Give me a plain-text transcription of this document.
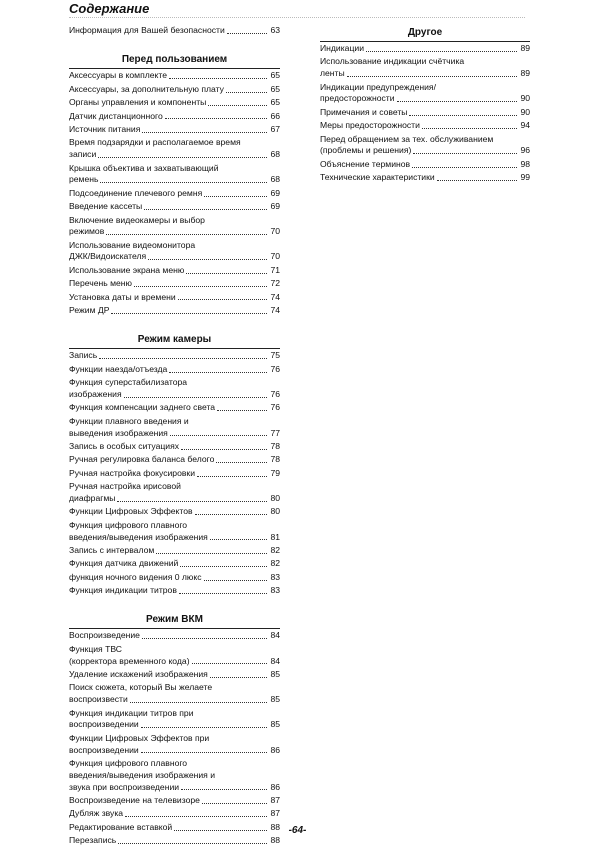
Содержание
Информация для Вашей безопасности	63
Перед пользованием
Аксессуары в комплекте	65
Аксессуары, за дополнительную плату	65
Органы управления и компоненты	65
Датчик дистанционного	66
Источник питания	67
Время подзарядки и располагаемое время
записи	68
Крышка объектива и захватывающий
ремень	68
Подсоединение плечевого ремня	69
Введение кассеты	69
Включение видеокамеры и выбор
режимов	70
Использование видеомонитора
ДЖК/Видоискателя	70
Использование экрана меню	71
Перечень меню	72
Установка даты и времени	74
Режим ДР	74
Режим камеры
Запись	75
Функции наезда/отъезда	76
Функция суперстабилизатора
изображения	76
Функция компенсации заднего света	76
Функции плавного введения и
выведения изображения	77
Запись в особых ситуациях	78
Ручная регулировка баланса белого	78
Ручная настройка фокусировки	79
Ручная настройка ирисовой
диафрагмы	80
Функции Цифровых Эффектов	80
Функция цифрового плавного
введения/выведения изображения	81
Запись с интервалом	82
Функция датчика движений	82
функция ночного видения 0 люкс	83
Функция индикации титров	83
Режим ВКМ
Воспроизведение	84
Функция ТВС
(корректора временного кода)	84
Удаление искажений изображения	85
Поиск сюжета, который Вы желаете
воспроизвести	85
Функция индикации титров при
воспроизведении	85
Функции Цифровых Эффектов при
воспроизведении	86
Функция цифрового плавного
введения/выведения изображения и
звука при воспроизведении	86
Воспроизведение на телевизоре	87
Дубляж звука	87
Редактирование вставкой	88
Перезапись	88
Другое
Индикации	89
Использование индикации счётчика
ленты	89
Индикации предупреждения/
предосторожности	90
Примечания и советы	90
Меры предосторожности	94
Перед обращением за тех. обслуживанием
(проблемы и решения)	96
Объяснение терминов	98
Технические характеристики	99
-64-
